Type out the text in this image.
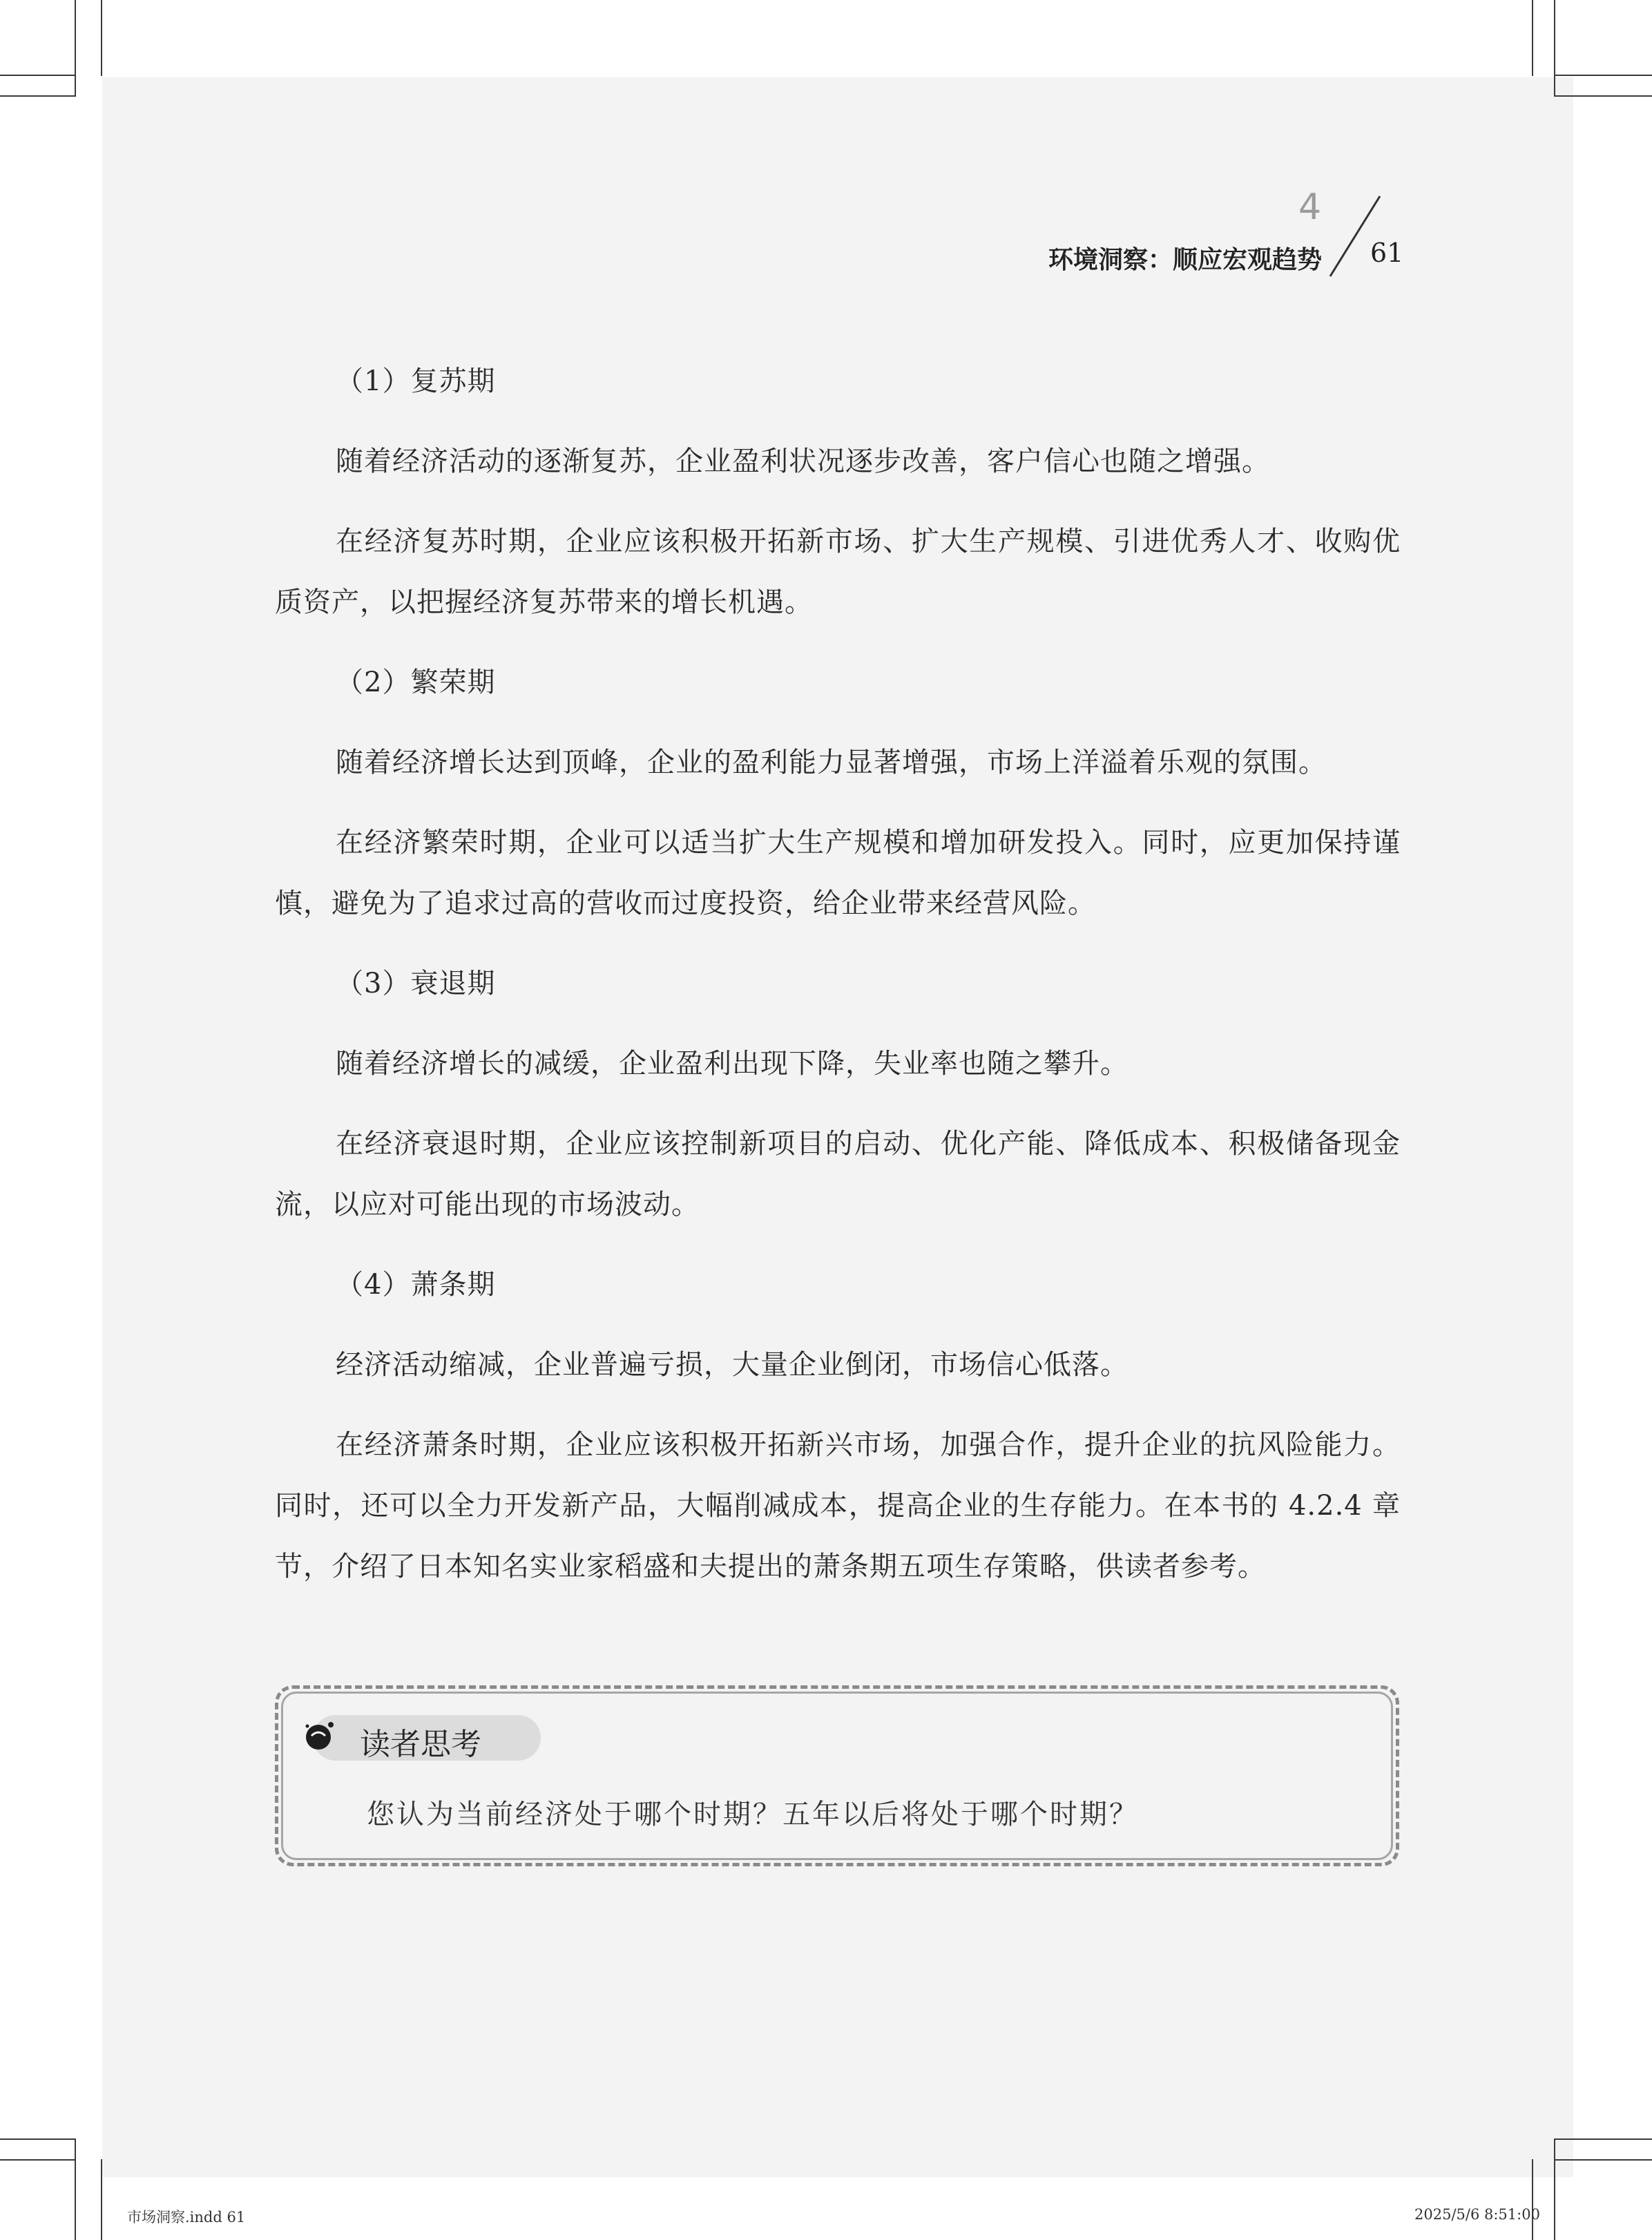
4
环境洞察：顺应宏观趋势 61

（1）复苏期

随着经济活动的逐渐复苏，企业盈利状况逐步改善，客户信心也随之增强。

在经济复苏时期，企业应该积极开拓新市场、扩大生产规模、引进优秀人才、收购优质资产，以把握经济复苏带来的增长机遇。

（2）繁荣期

随着经济增长达到顶峰，企业的盈利能力显著增强，市场上洋溢着乐观的氛围。

在经济繁荣时期，企业可以适当扩大生产规模和增加研发投入。同时，应更加保持谨慎，避免为了追求过高的营收而过度投资，给企业带来经营风险。

（3）衰退期

随着经济增长的减缓，企业盈利出现下降，失业率也随之攀升。

在经济衰退时期，企业应该控制新项目的启动、优化产能、降低成本、积极储备现金流，以应对可能出现的市场波动。

（4）萧条期

经济活动缩减，企业普遍亏损，大量企业倒闭，市场信心低落。

在经济萧条时期，企业应该积极开拓新兴市场，加强合作，提升企业的抗风险能力。同时，还可以全力开发新产品，大幅削减成本，提高企业的生存能力。在本书的 4.2.4 章节，介绍了日本知名实业家稻盛和夫提出的萧条期五项生存策略，供读者参考。

读者思考
您认为当前经济处于哪个时期？五年以后将处于哪个时期？
市场洞察.indd 61	2025/5/6 8:51:00
